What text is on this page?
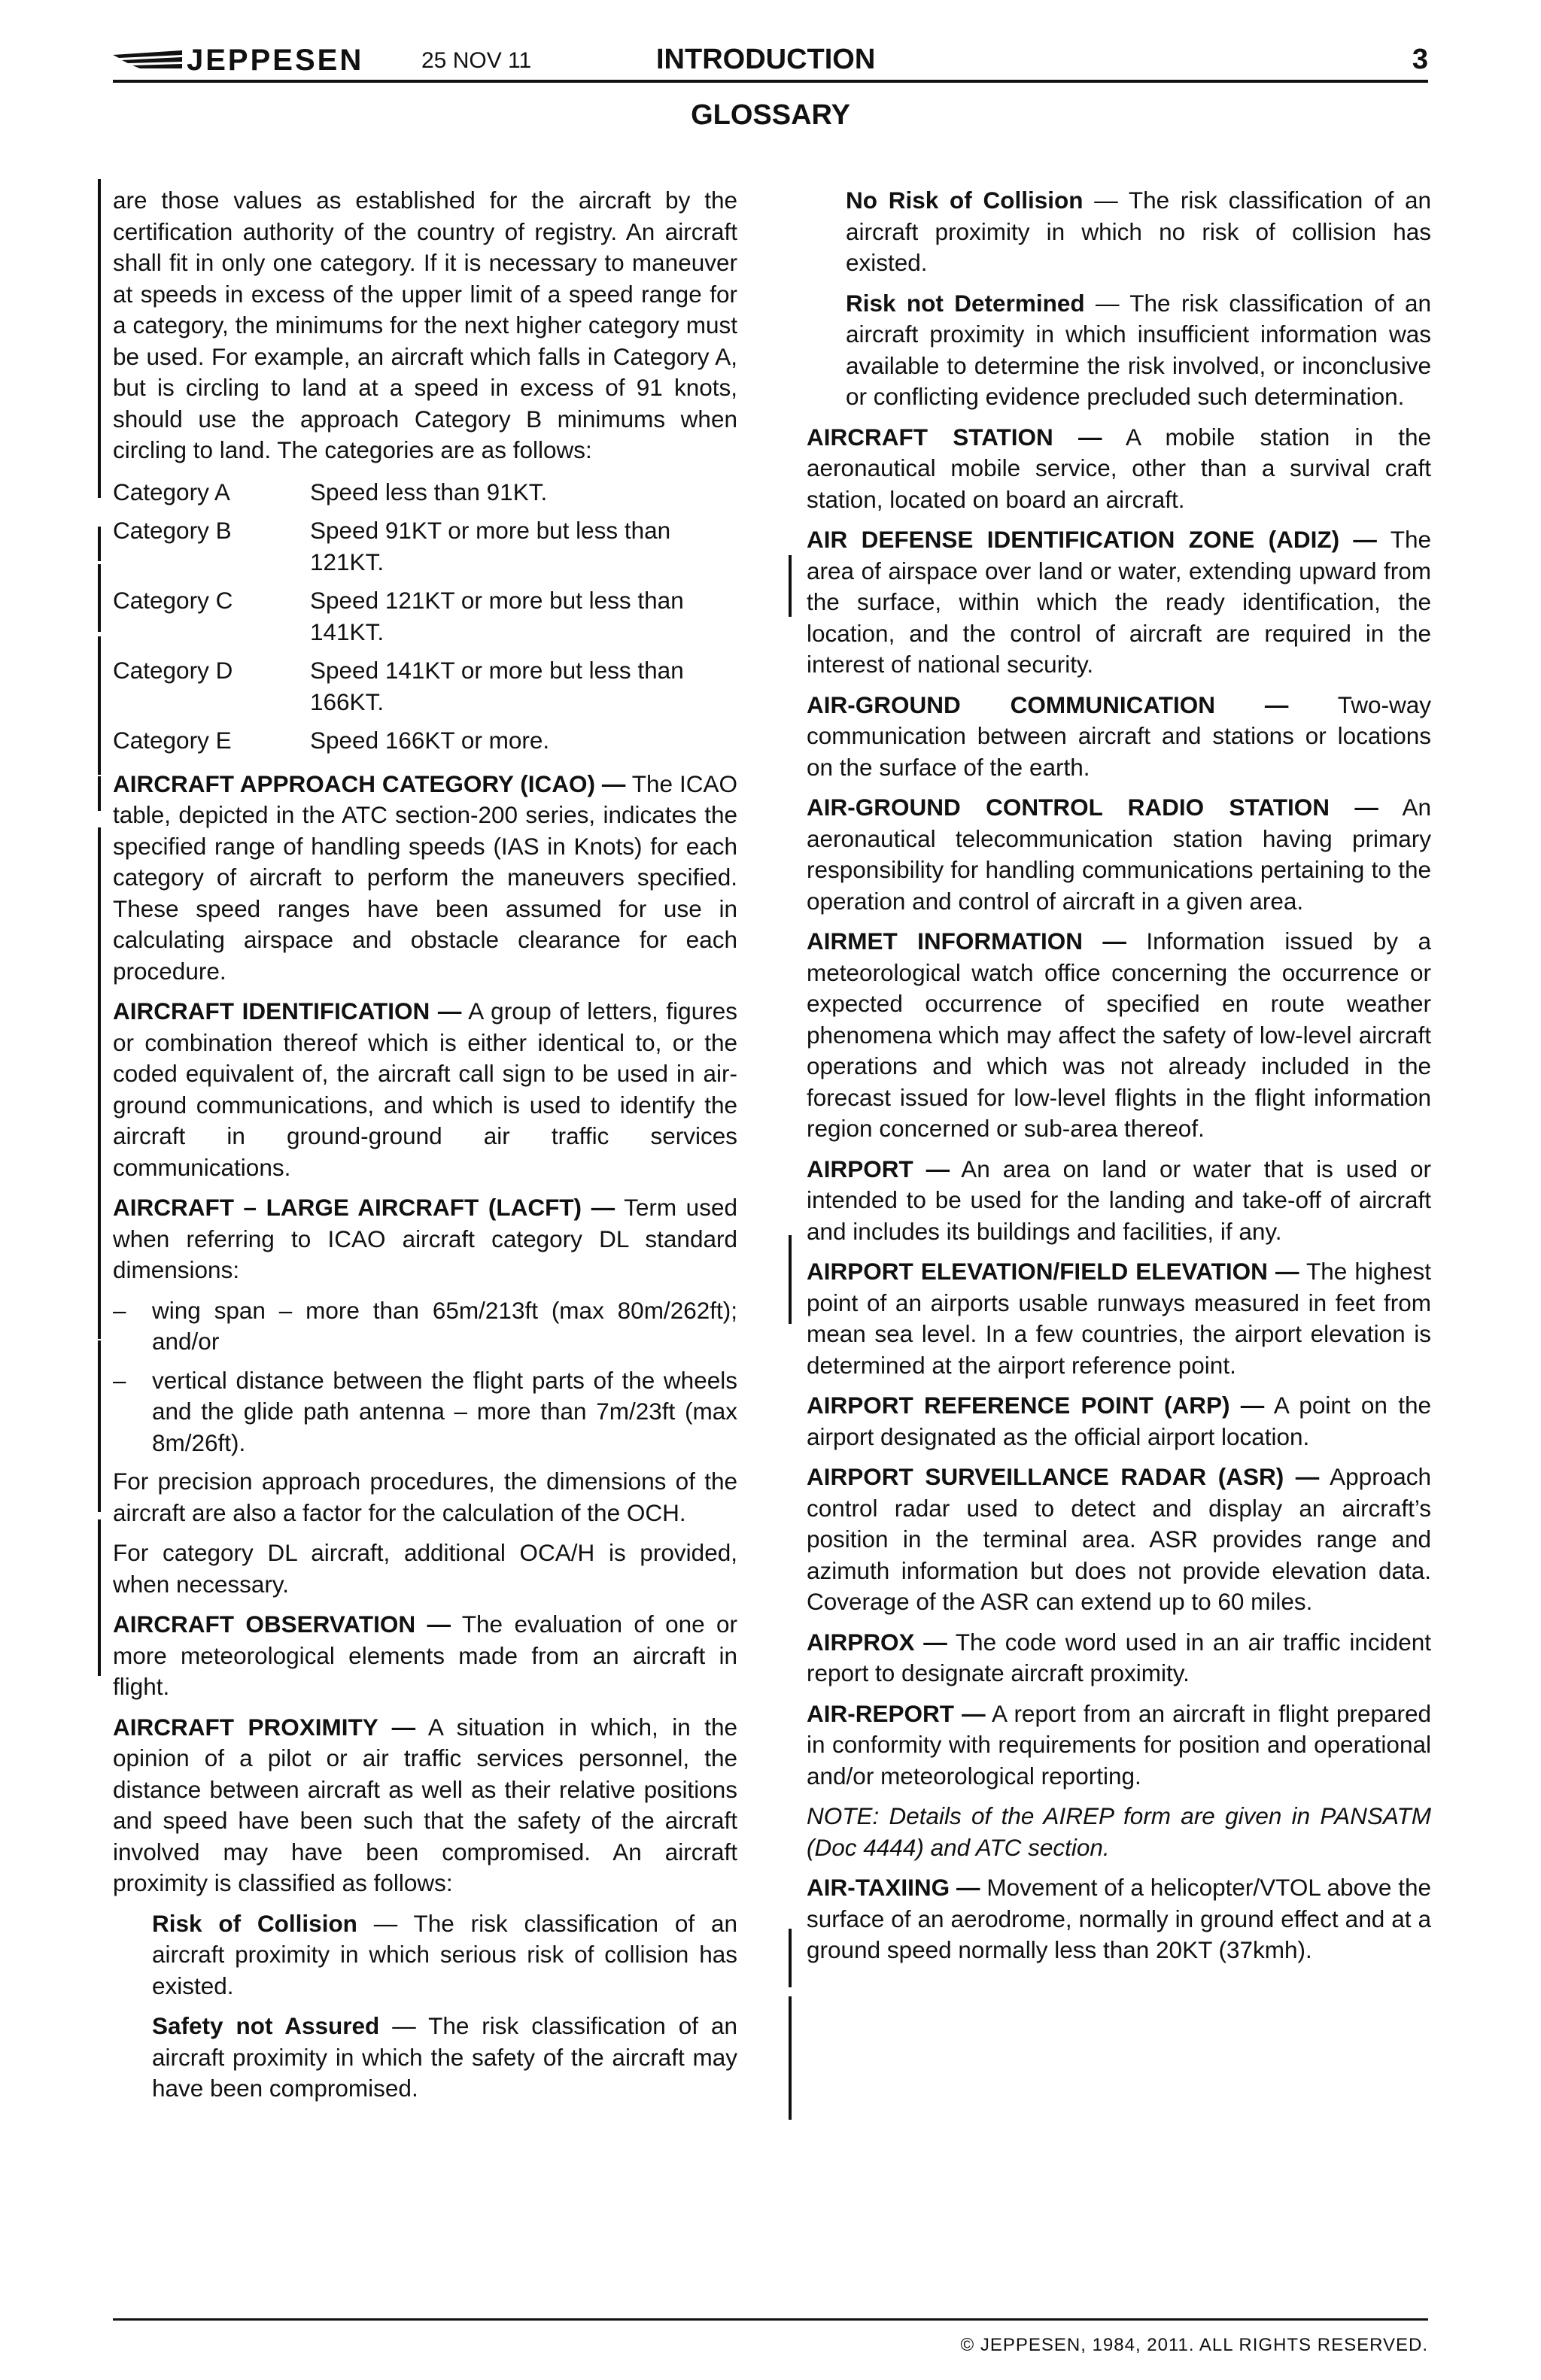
JEPPESEN	25 NOV 11	INTRODUCTION	3
GLOSSARY

are those values as established for the aircraft by the certification authority of the country of registry. An aircraft shall fit in only one category. If it is necessary to maneuver at speeds in excess of the upper limit of a speed range for a category, the minimums for the next higher category must be used. For example, an aircraft which falls in Category A, but is circling to land at a speed in excess of 91 knots, should use the approach Category B minimums when circling to land. The categories are as follows:

Category A	Speed less than 91KT.
Category B	Speed 91KT or more but less than 121KT.
Category C	Speed 121KT or more but less than 141KT.
Category D	Speed 141KT or more but less than 166KT.
Category E	Speed 166KT or more.

AIRCRAFT APPROACH CATEGORY (ICAO) — The ICAO table, depicted in the ATC section-200 series, indicates the specified range of handling speeds (IAS in Knots) for each category of aircraft to perform the maneuvers specified. These speed ranges have been assumed for use in calculating airspace and obstacle clearance for each procedure.

AIRCRAFT IDENTIFICATION — A group of letters, figures or combination thereof which is either identical to, or the coded equivalent of, the aircraft call sign to be used in air-ground communications, and which is used to identify the aircraft in ground-ground air traffic services communications.

AIRCRAFT – LARGE AIRCRAFT (LACFT) — Term used when referring to ICAO aircraft category DL standard dimensions:

–	wing span – more than 65m/213ft (max 80m/262ft); and/or
–	vertical distance between the flight parts of the wheels and the glide path antenna – more than 7m/23ft (max 8m/26ft).

For precision approach procedures, the dimensions of the aircraft are also a factor for the calculation of the OCH.

For category DL aircraft, additional OCA/H is provided, when necessary.

AIRCRAFT OBSERVATION — The evaluation of one or more meteorological elements made from an aircraft in flight.

AIRCRAFT PROXIMITY — A situation in which, in the opinion of a pilot or air traffic services personnel, the distance between aircraft as well as their relative positions and speed have been such that the safety of the aircraft involved may have been compromised. An aircraft proximity is classified as follows:

Risk of Collision — The risk classification of an aircraft proximity in which serious risk of collision has existed.

Safety not Assured — The risk classification of an aircraft proximity in which the safety of the aircraft may have been compromised.

No Risk of Collision — The risk classification of an aircraft proximity in which no risk of collision has existed.

Risk not Determined — The risk classification of an aircraft proximity in which insufficient information was available to determine the risk involved, or inconclusive or conflicting evidence precluded such determination.

AIRCRAFT STATION — A mobile station in the aeronautical mobile service, other than a survival craft station, located on board an aircraft.

AIR DEFENSE IDENTIFICATION ZONE (ADIZ) — The area of airspace over land or water, extending upward from the surface, within which the ready identification, the location, and the control of aircraft are required in the interest of national security.

AIR-GROUND COMMUNICATION — Two-way communication between aircraft and stations or locations on the surface of the earth.

AIR-GROUND CONTROL RADIO STATION — An aeronautical telecommunication station having primary responsibility for handling communications pertaining to the operation and control of aircraft in a given area.

AIRMET INFORMATION — Information issued by a meteorological watch office concerning the occurrence or expected occurrence of specified en route weather phenomena which may affect the safety of low-level aircraft operations and which was not already included in the forecast issued for low-level flights in the flight information region concerned or sub-area thereof.

AIRPORT — An area on land or water that is used or intended to be used for the landing and take-off of aircraft and includes its buildings and facilities, if any.

AIRPORT ELEVATION/FIELD ELEVATION — The highest point of an airports usable runways measured in feet from mean sea level. In a few countries, the airport elevation is determined at the airport reference point.

AIRPORT REFERENCE POINT (ARP) — A point on the airport designated as the official airport location.

AIRPORT SURVEILLANCE RADAR (ASR) — Approach control radar used to detect and display an aircraft’s position in the terminal area. ASR provides range and azimuth information but does not provide elevation data. Coverage of the ASR can extend up to 60 miles.

AIRPROX — The code word used in an air traffic incident report to designate aircraft proximity.

AIR-REPORT — A report from an aircraft in flight prepared in conformity with requirements for position and operational and/or meteorological reporting.

NOTE: Details of the AIREP form are given in PANSATM (Doc 4444) and ATC section.

AIR-TAXIING — Movement of a helicopter/VTOL above the surface of an aerodrome, normally in ground effect and at a ground speed normally less than 20KT (37kmh).

© JEPPESEN, 1984, 2011. ALL RIGHTS RESERVED.
